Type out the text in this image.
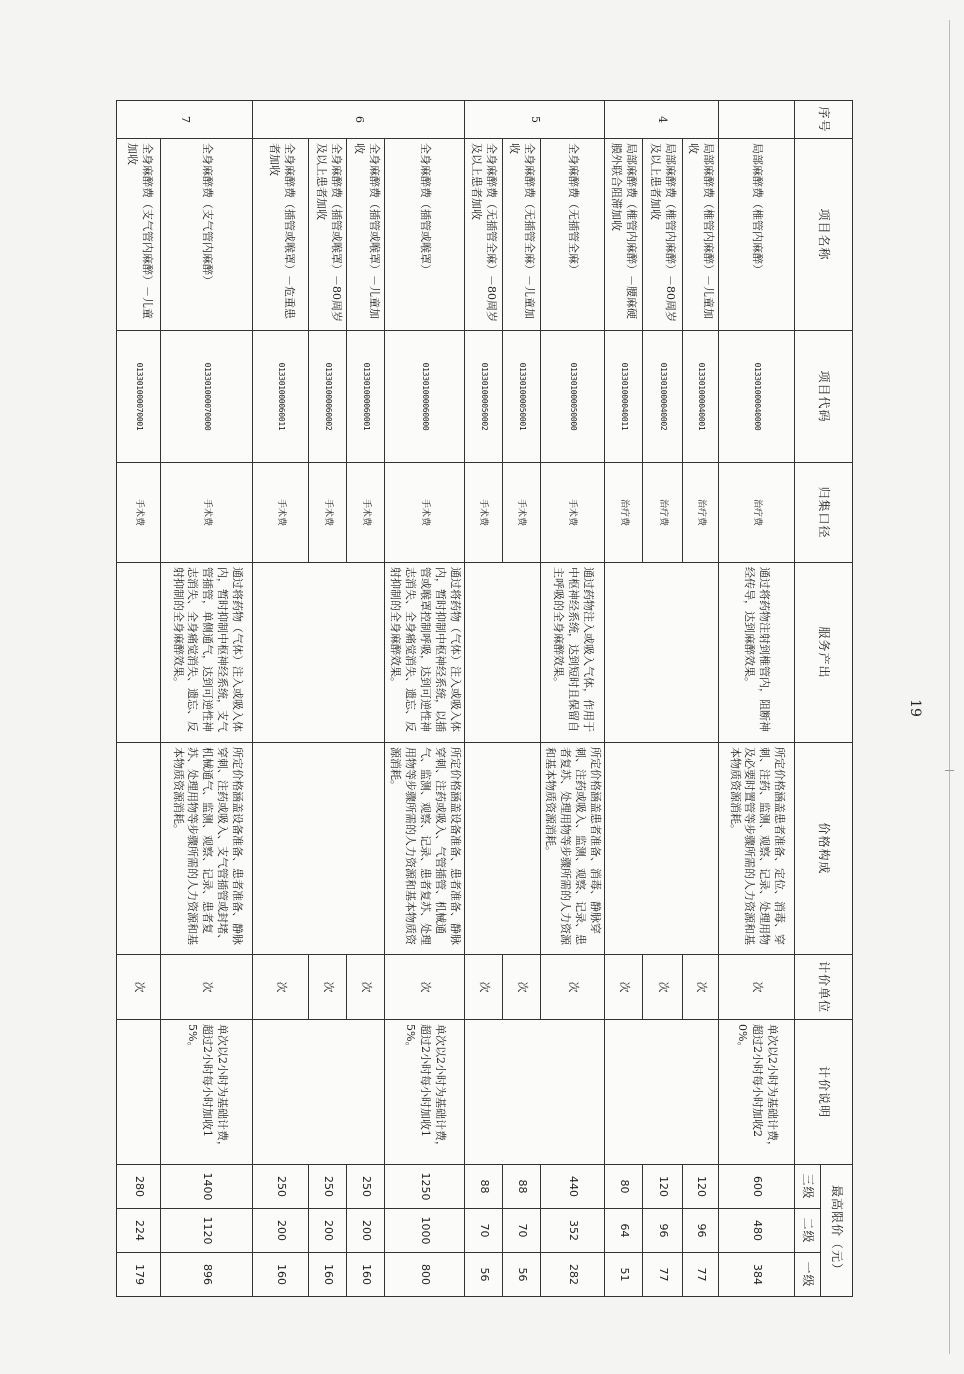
序号	项目名称	项目代码	归集口径	服务产出	价格构成	计价单位	计价说明	最高限价（元）		
								三级	二级	一级
	局部麻醉费（椎管内麻醉）	013301000040000	治疗费	通过将药物注射到椎管内，阻断神经传导，达到麻醉效果。	所定价格涵盖患者准备、定位、消毒、穿刺、注药、监测、观察、记录、处理用物及必要时置管等步骤所需的人力资源和基本物质资源消耗。	次	单次以2小时为基础计费，超过2小时每小时加收20%。	600	480	384
4	局部麻醉费（椎管内麻醉）－儿童加收	013301000040001	治疗费			次		120	96	77
	局部麻醉费（椎管内麻醉）－80周岁及以上患者加收	013301000040002	治疗费			次		120	96	77
	局部麻醉费（椎管内麻醉）－腰麻硬膜外联合阻滞加收	013301000040011	治疗费			次		80	64	51
5	全身麻醉费（无插管全麻）	013301000050000	手术费	通过药物注入或吸入气体，作用于中枢神经系统，达到短时且保留自主呼吸的全身麻醉效果。	所定价格涵盖患者准备、消毒、静脉穿刺、注药或吸入、监测、观察、记录、患者复苏、处理用物等步骤所需的人力资源和基本物质资源消耗。	次		440	352	282
	全身麻醉费（无插管全麻）－儿童加收	013301000050001	手术费			次		88	70	56
	全身麻醉费（无插管全麻）－80周岁及以上患者加收	013301000050002	手术费			次		88	70	56
6	全身麻醉费（插管或喉罩）	013301000060000	手术费	通过将药物（气体）注入或吸入体内，暂时抑制中枢神经系统，以插管或喉罩控制呼吸，达到可逆性神志消失、全身痛觉消失、遗忘、反射抑制的全身麻醉效果。	所定价格涵盖设备准备、患者准备、静脉穿刺、注药或吸入、气管插管、机械通气、监测、观察、记录、患者复苏、处理用物等步骤所需的人力资源和基本物质资源消耗。	次	单次以2小时为基础计费，超过2小时每小时加收15%。	1250	1000	800
	全身麻醉费（插管或喉罩）－儿童加收	013301000060001	手术费			次		250	200	160
	全身麻醉费（插管或喉罩）－80周岁及以上患者加收	013301000060002	手术费			次		250	200	160
	全身麻醉费（插管或喉罩）－危重患者加收	013301000060011	手术费			次		250	200	160
7	全身麻醉费（支气管内麻醉）	013301000070000	手术费	通过将药物（气体）注入或吸入体内，暂时抑制中枢神经系统，支气管插管，单侧通气，达到可逆性神志消失、全身痛觉消失、遗忘、反射抑制的全身麻醉效果。	所定价格涵盖设备准备、患者准备、静脉穿刺、注药或吸入、支气管插管或封堵、机械通气、监测、观察、记录、患者复苏、处理用物等步骤所需的人力资源和基本物质资源消耗。	次	单次以2小时为基础计费，超过2小时每小时加收15%。	1400	1120	896
	全身麻醉费（支气管内麻醉）－儿童加收	013301000070001	手术费			次		280	224	179
19
